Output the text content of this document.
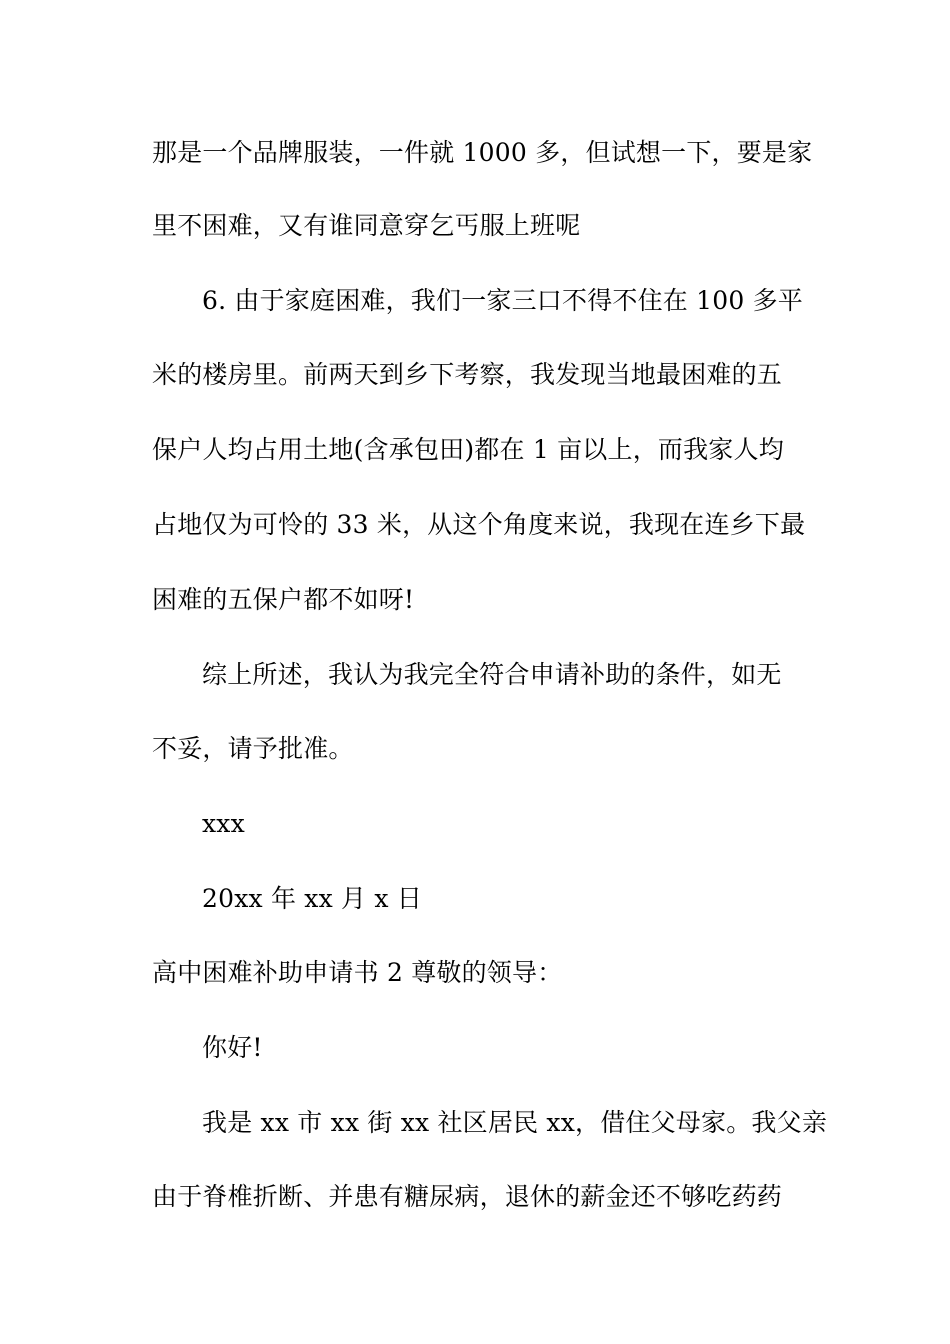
那是一个品牌服装，一件就 1000 多，但试想一下，要是家
里不困难，又有谁同意穿乞丐服上班呢
6. 由于家庭困难，我们一家三口不得不住在 100 多平
米的楼房里。前两天到乡下考察，我发现当地最困难的五
保户人均占用土地(含承包田)都在 1 亩以上，而我家人均
占地仅为可怜的 33 米，从这个角度来说，我现在连乡下最
困难的五保户都不如呀!
综上所述，我认为我完全符合申请补助的条件，如无
不妥，请予批准。
xxx
20xx 年 xx 月 x 日
高中困难补助申请书 2 尊敬的领导：
你好!
我是 xx 市 xx 街 xx 社区居民 xx，借住父母家。我父亲
由于脊椎折断、并患有糖尿病，退休的薪金还不够吃药药
